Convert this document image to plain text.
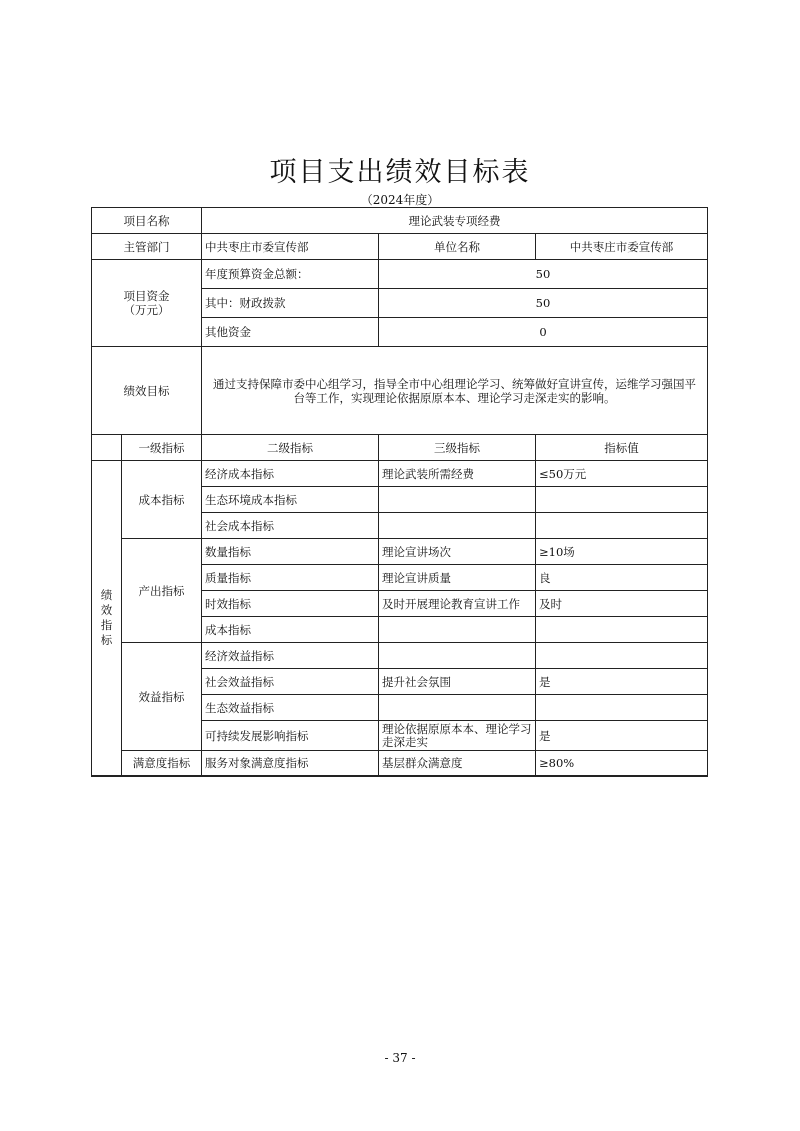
项目支出绩效目标表
（2024年度）
项目名称		理论武装专项经费		
主管部门		中共枣庄市委宣传部	单位名称	中共枣庄市委宣传部

项目资金
（万元）		年度预算资金总额：	50	
		其中：财政拨款	50	
		其他资金	0	
绩效目标		通过支持保障市委中心组学习，指导全市中心组理论学习、统筹做好宣讲宣传，运维学习强国平台等工作，实现理论依据原原本本、理论学习走深走实的影响。		
	一级指标	二级指标	三级指标	指标值
绩效指标	成本指标	经济成本指标	理论武装所需经费	≤50万元
		生态环境成本指标		
		社会成本指标		
	产出指标	数量指标	理论宣讲场次	≥10场
		质量指标	理论宣讲质量	良
		时效指标	及时开展理论教育宣讲工作	及时
		成本指标		
	效益指标	经济效益指标		
		社会效益指标	提升社会氛围	是
		生态效益指标		
		可持续发展影响指标	理论依据原原本本、理论学习走深走实	是
	满意度指标	服务对象满意度指标	基层群众满意度	≥80%
- 37 -
